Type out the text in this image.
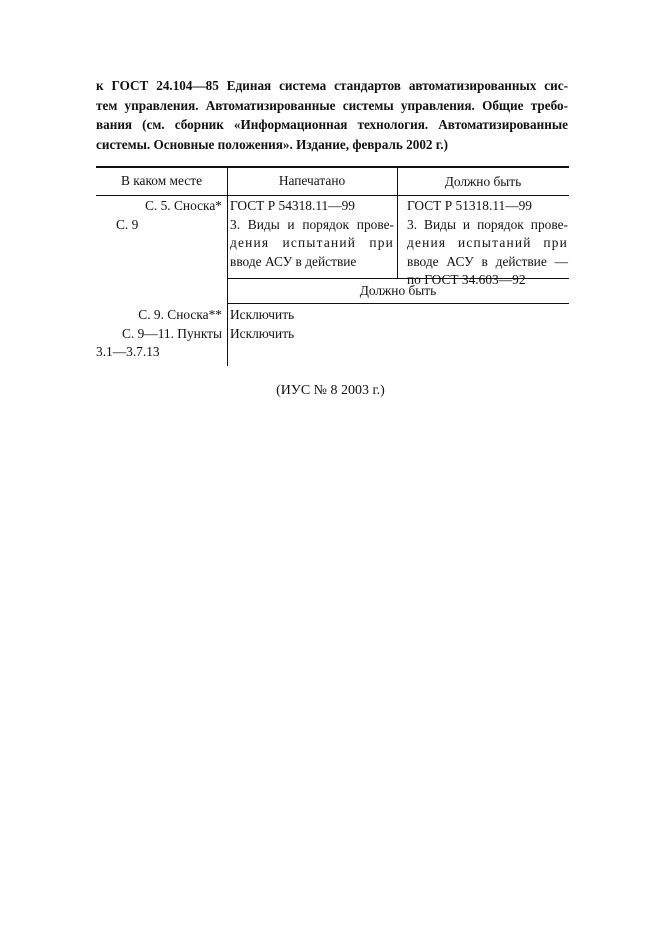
к ГОСТ 24.104—85 Единая система стандартов автоматизированных сис-
тем управления. Автоматизированные системы управления. Общие требо-
вания (см. сборник «Информационная технология. Автоматизированные
системы. Основные положения». Издание, февраль 2002 г.)
В каком месте	Напечатано	Должно быть
С. 5. Сноска*
С. 9
ГОСТ Р 54318.11—99
3. Виды и порядок прове-
дения испытаний при
вводе АСУ в действие
ГОСТ Р 51318.11—99
3. Виды и порядок прове-
дения испытаний при
вводе АСУ в действие —
по ГОСТ 34.603—92
Должно быть
С. 9. Сноска**
С. 9—11. Пункты
3.1—3.7.13
Исключить
Исключить
(ИУС № 8 2003 г.)
